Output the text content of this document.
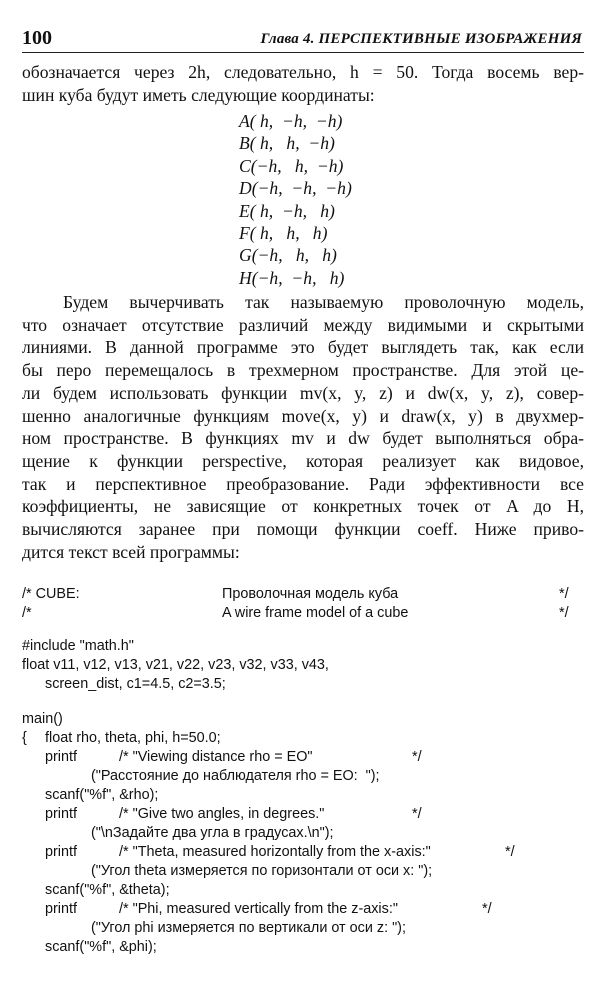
100	Глава 4. ПЕРСПЕКТИВНЫЕ ИЗОБРАЖЕНИЯ
обозначается через 2h, следовательно, h = 50. Тогда восемь вер-
шин куба будут иметь следующие координаты:
A( h,  −h,  −h)
B( h,   h,  −h)
C(−h,   h,  −h)
D(−h,  −h,  −h)
E( h,  −h,   h)
F( h,   h,   h)
G(−h,   h,   h)
H(−h,  −h,   h)
Будем вычерчивать так называемую проволочную модель,
что означает отсутствие различий между видимыми и скрытыми
линиями. В данной программе это будет выглядеть так, как если
бы перо перемещалось в трехмерном пространстве. Для этой це-
ли будем использовать функции mv(x, y, z) и dw(x, y, z), совер-
шенно аналогичные функциям move(x, y) и draw(x, y) в двухмер-
ном пространстве. В функциях mv и dw будет выполняться обра-
щение к функции perspective, которая реализует как видовое,
так и перспективное преобразование. Ради эффективности все
коэффициенты, не зависящие от конкретных точек от A до H,
вычисляются заранее при помощи функции coeff. Ниже приво-
дится текст всей программы:

/* CUBE:

	Проволочная модель куба

	*/

/*

	A wire frame model of a cube

	*/

#include "math.h"

float v11, v12, v13, v21, v22, v23, v32, v33, v43,

screen_dist, c1=4.5, c2=3.5;

main()

{

float rho, theta, phi, h=50.0;

printf

	/* "Viewing distance rho = EO"

	*/

("Расстояние до наблюдателя rho = EO:  ");

scanf("%f", &rho);

printf

	/* "Give two angles, in degrees."

	*/

("\nЗадайте два угла в градусах.\n");

printf

	/* "Theta, measured horizontally from the x-axis:"

	*/

("Угол theta измеряется по горизонтали от оси x: ");

scanf("%f", &theta);

printf

	/* "Phi, measured vertically from the z-axis:"

	*/

("Угол phi измеряется по вертикали от оси z: ");

scanf("%f", &phi);
